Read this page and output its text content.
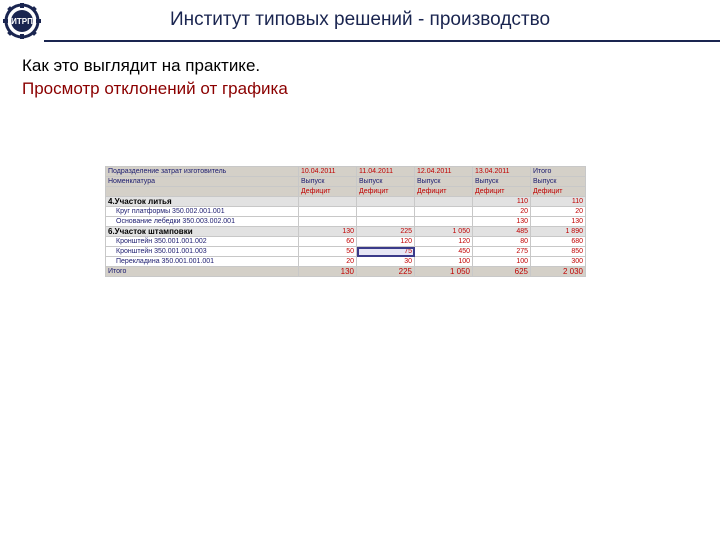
ИТРП	Институт типовых решений - производство
Как это выглядит на практике.
Просмотр отклонений от графика
Подразделение затрат изготовитель	10.04.2011	11.04.2011	12.04.2011	13.04.2011	Итого
Номенклатура	Выпуск	Выпуск	Выпуск	Выпуск	Выпуск
	Дефицит	Дефицит	Дефицит	Дефицит	Дефицит
4.Участок литья				110	110
Круг платформы 350.002.001.001				20	20
Основание лебедки 350.003.002.001				130	130
6.Участок штамповки	130	225	1 050	485	1 890
Кронштейн 350.001.001.002	60	120	120	80	680
Кронштейн 350.001.001.003	50	75	450	275	850
Перекладина 350.001.001.001	20	30	100	100	300
Итого	130	225	1 050	625	2 030
